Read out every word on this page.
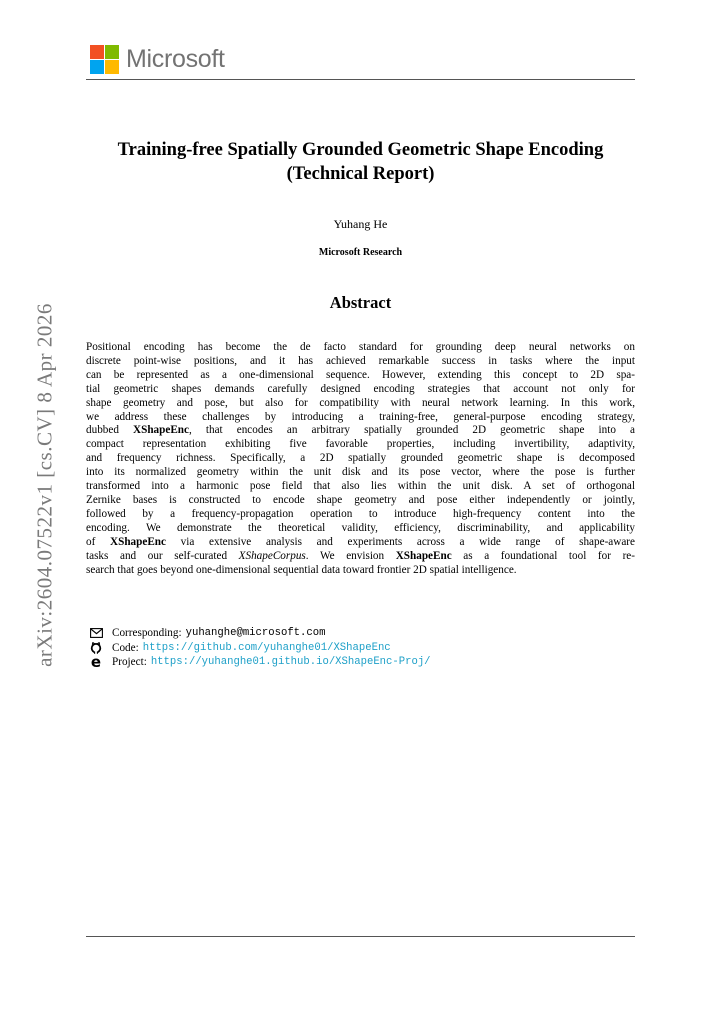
Microsoft
arXiv:2604.07522v1 [cs.CV] 8 Apr 2026
Training-free Spatially Grounded Geometric Shape Encoding
(Technical Report)
Yuhang He
Microsoft Research
Abstract
Positional encoding has become the de facto standard for grounding deep neural networks on
discrete point-wise positions, and it has achieved remarkable success in tasks where the input
can be represented as a one-dimensional sequence. However, extending this concept to 2D spa-
tial geometric shapes demands carefully designed encoding strategies that account not only for
shape geometry and pose, but also for compatibility with neural network learning. In this work,
we address these challenges by introducing a training-free, general-purpose encoding strategy,
dubbed XShapeEnc, that encodes an arbitrary spatially grounded 2D geometric shape into a
compact representation exhibiting five favorable properties, including invertibility, adaptivity,
and frequency richness. Specifically, a 2D spatially grounded geometric shape is decomposed
into its normalized geometry within the unit disk and its pose vector, where the pose is further
transformed into a harmonic pose field that also lies within the unit disk. A set of orthogonal
Zernike bases is constructed to encode shape geometry and pose either independently or jointly,
followed by a frequency-propagation operation to introduce high-frequency content into the
encoding. We demonstrate the theoretical validity, efficiency, discriminability, and applicability
of XShapeEnc via extensive analysis and experiments across a wide range of shape-aware
tasks and our self-curated XShapeCorpus. We envision XShapeEnc as a foundational tool for re-
search that goes beyond one-dimensional sequential data toward frontier 2D spatial intelligence.
Corresponding: yuhanghe@microsoft.com
Code: https://github.com/yuhanghe01/XShapeEnc
e Project: https://yuhanghe01.github.io/XShapeEnc-Proj/
